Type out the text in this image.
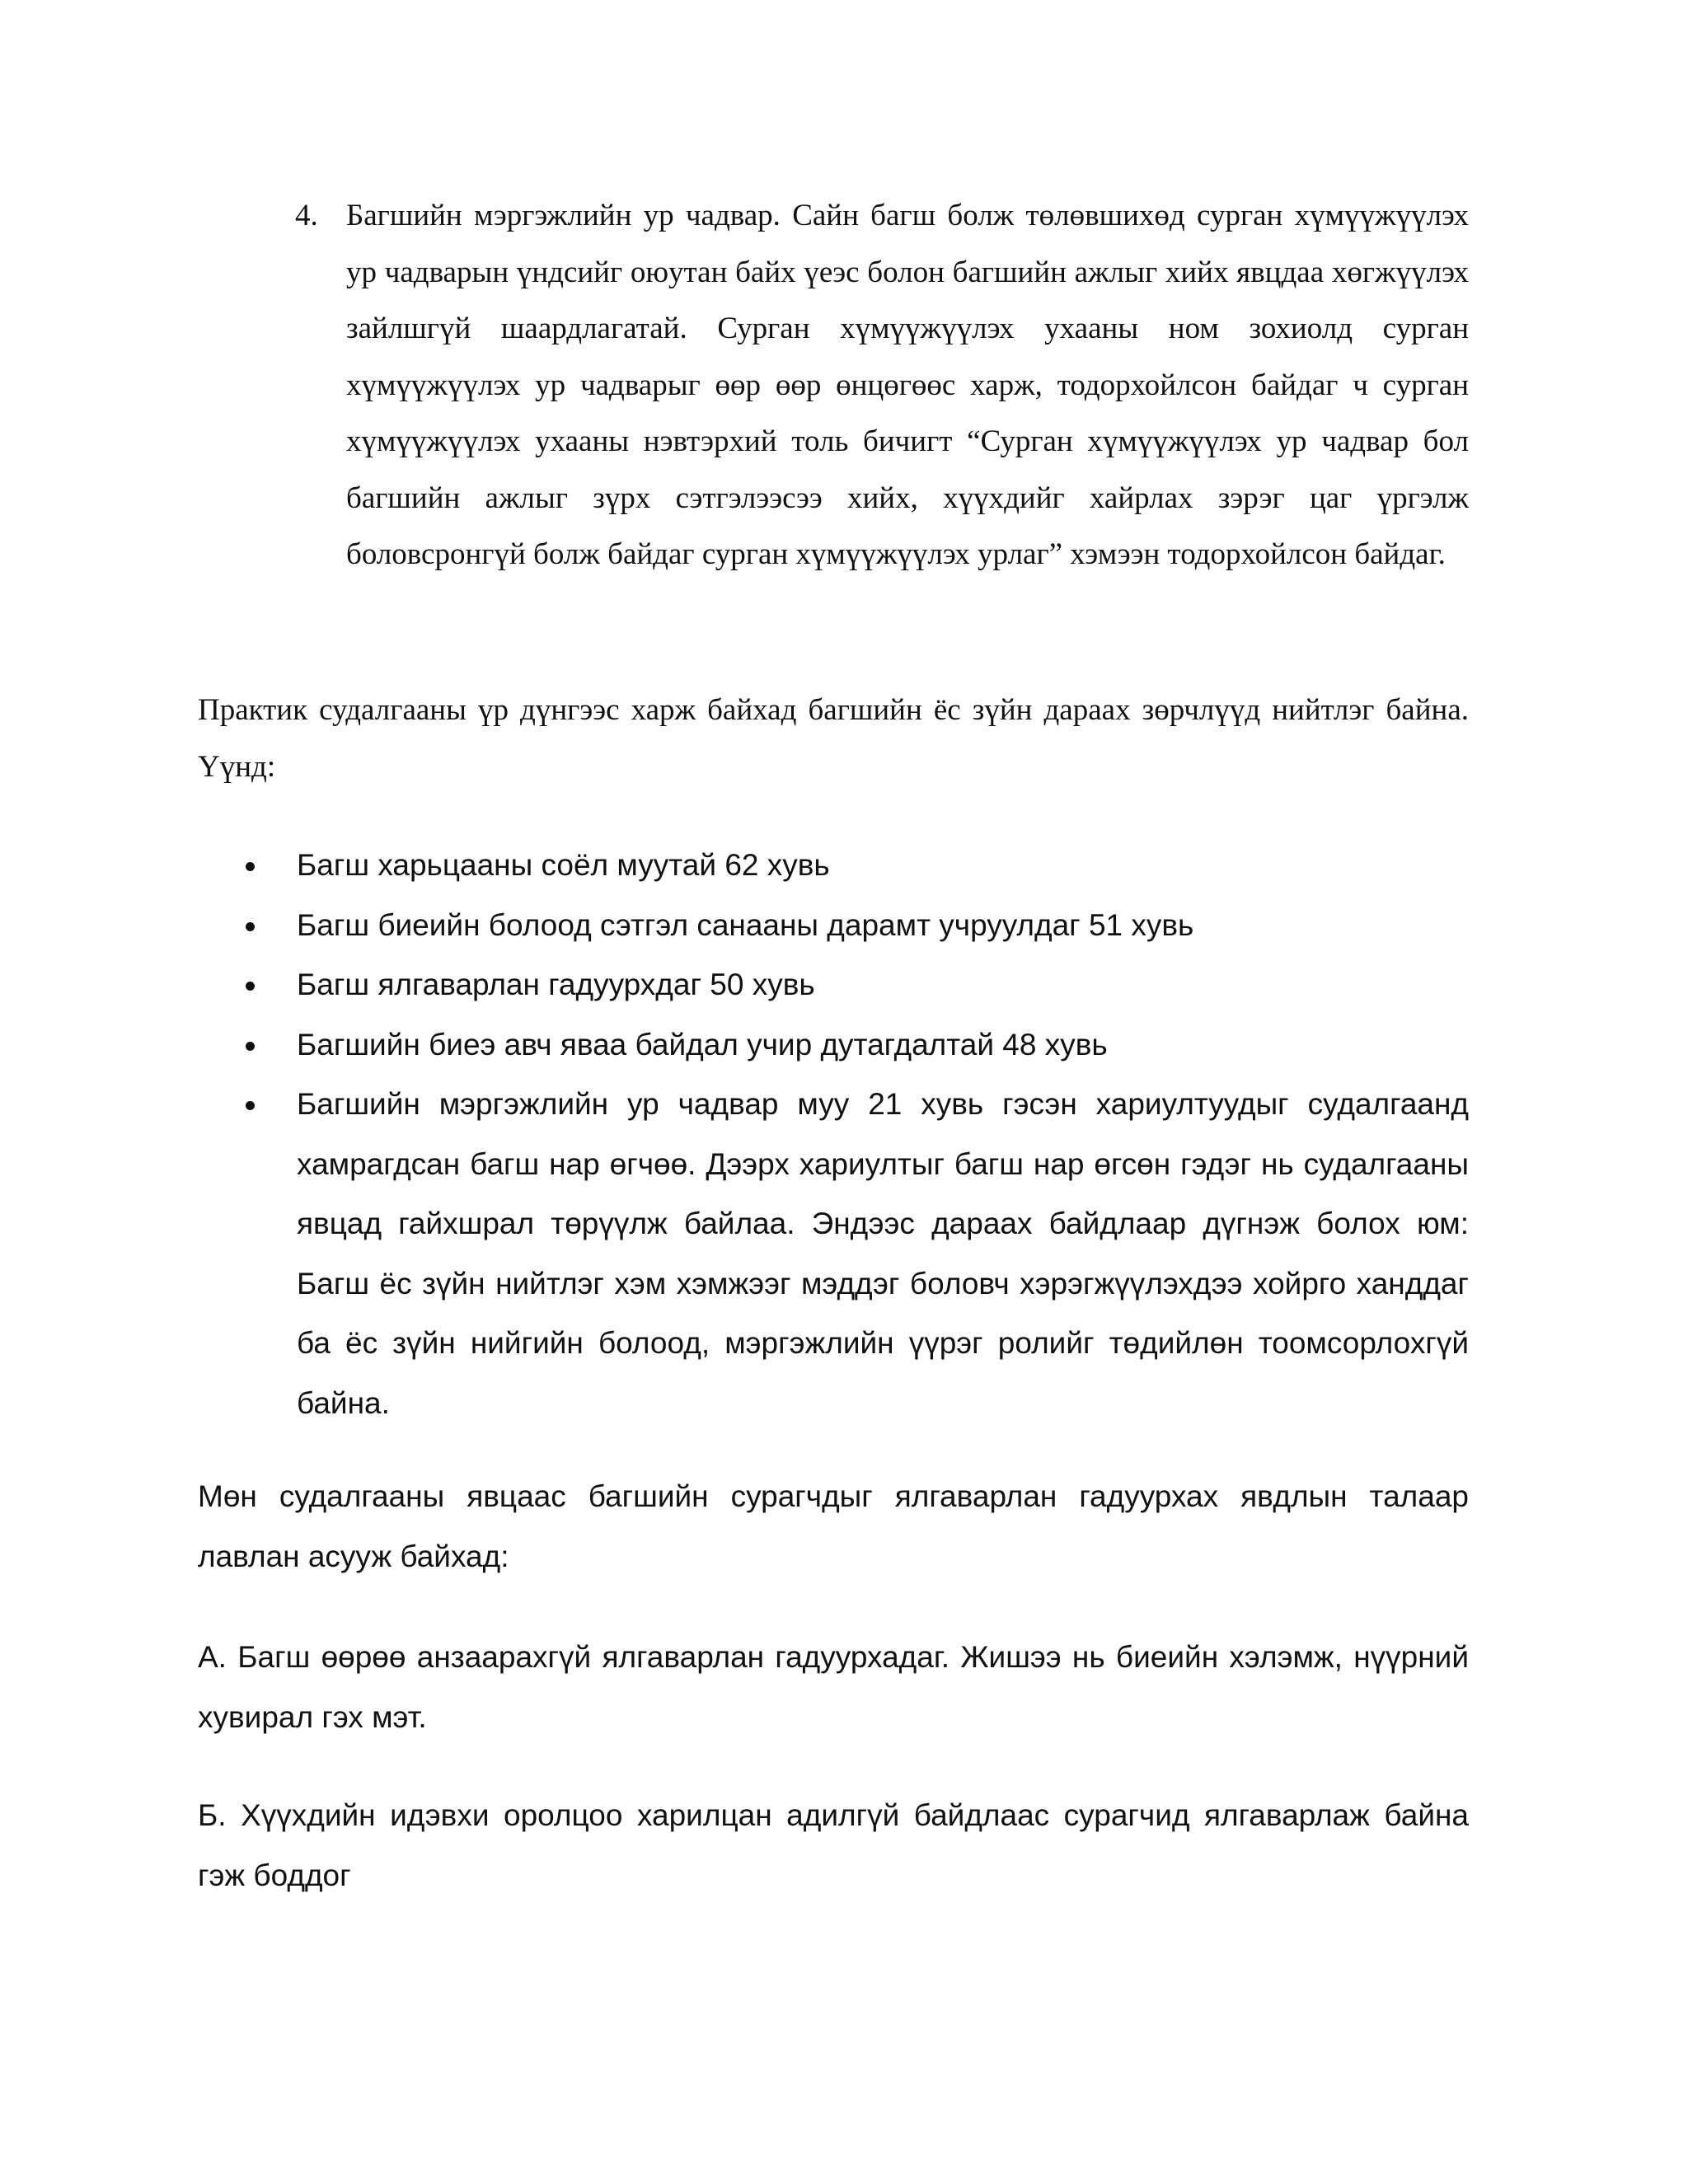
4. Багшийн мэргэжлийн ур чадвар. Сайн багш болж төлөвшихөд сурган хүмүүжүүлэх ур чадварын үндсийг оюутан байх үеэс болон багшийн ажлыг хийх явцдаа хөгжүүлэх зайлшгүй шаардлагатай. Сурган хүмүүжүүлэх ухааны ном зохиолд сурган хүмүүжүүлэх ур чадварыг өөр өөр өнцөгөөс харж, тодорхойлсон байдаг ч сурган хүмүүжүүлэх ухааны нэвтэрхий толь бичигт “Сурган хүмүүжүүлэх ур чадвар бол багшийн ажлыг зүрх сэтгэлээсээ хийх, хүүхдийг хайрлах зэрэг цаг үргэлж боловсронгүй болж байдаг сурган хүмүүжүүлэх урлаг” хэмээн тодорхойлсон байдаг.

Практик судалгааны үр дүнгээс харж байхад багшийн ёс зүйн дараах зөрчлүүд нийтлэг байна. Үүнд:

Багш харьцааны соёл муутай 62 хувь

Багш биеийн болоод сэтгэл санааны дарамт учруулдаг 51 хувь

Багш ялгаварлан гадуурхдаг 50 хувь

Багшийн биеэ авч яваа байдал учир дутагдалтай 48 хувь

Багшийн мэргэжлийн ур чадвар муу 21 хувь гэсэн хариултуудыг судалгаанд хамрагдсан багш нар өгчөө. Дээрх хариултыг багш нар өгсөн гэдэг нь судалгааны явцад гайхшрал төрүүлж байлаа. Эндээс дараах байдлаар дүгнэж болох юм: Багш ёс зүйн нийтлэг хэм хэмжээг мэддэг боловч хэрэгжүүлэхдээ хойрго ханддаг ба ёс зүйн нийгийн болоод, мэргэжлийн үүрэг ролийг төдийлөн тоомсорлохгүй байна.

Мөн судалгааны явцаас багшийн сурагчдыг ялгаварлан гадуурхах явдлын талаар лавлан асууж байхад:

А. Багш өөрөө анзаарахгүй ялгаварлан гадуурхадаг. Жишээ нь биеийн хэлэмж, нүүрний хувирал гэх мэт.

Б. Хүүхдийн идэвхи оролцоо харилцан адилгүй байдлаас сурагчид ялгаварлаж байна гэж боддог
